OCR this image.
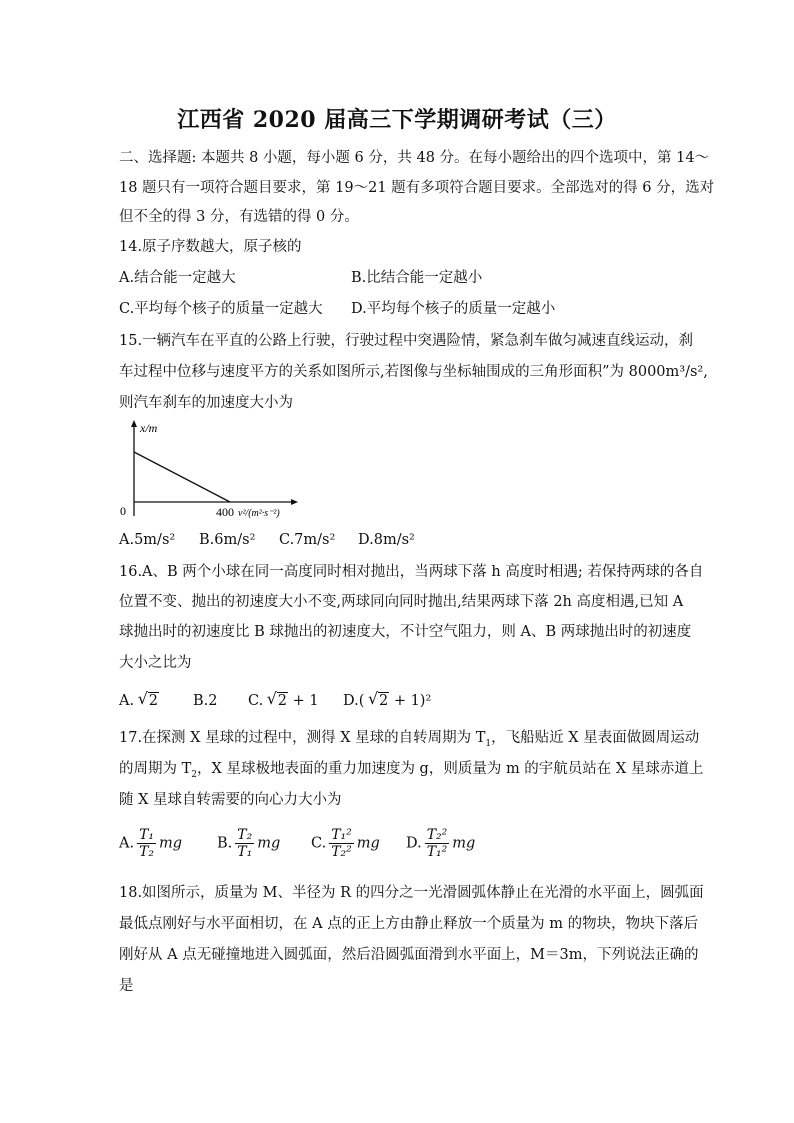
江西省 2020 届高三下学期调研考试（三）
二、选择题: 本题共 8 小题，每小题 6 分，共 48 分。在每小题给出的四个选项中，第 14～
18 题只有一项符合题目要求，第 19～21 题有多项符合题目要求。全部选对的得 6 分，选对
但不全的得 3 分，有选错的得 0 分。
14.原子序数越大，原子核的
A.结合能一定越大	B.比结合能一定越小
C.平均每个核子的质量一定越大 D.平均每个核子的质量一定越小
15.一辆汽车在平直的公路上行驶，行驶过程中突遇险情，紧急刹车做匀减速直线运动，刹
车过程中位移与速度平方的关系如图所示,若图像与坐标轴围成的三角形面积”为 8000m³/s²,
则汽车刹车的加速度大小为
x/m
0	400 v²/(m²·s⁻²)
A.5m/s² B.6m/s² C.7m/s² D.8m/s²
16.A、B 两个小球在同一高度同时相对抛出，当两球下落 h 高度时相遇; 若保持两球的各自
位置不变、抛出的初速度大小不变,两球同向同时抛出,结果两球下落 2h 高度相遇,已知 A
球抛出时的初速度比 B 球抛出的初速度大，不计空气阻力，则 A、B 两球抛出时的初速度
大小之比为
A. √ 2 B.2 C. √ 2 + 1 D.( √ 2 + 1)²
17.在探测 X 星球的过程中，测得 X 星球的自转周期为 $T_1$，飞船贴近 X 星表面做圆周运动
的周期为 $T_2$，X 星球极地表面的重力加速度为 g，则质量为 m 的宇航员站在 X 星球赤道上
随 X 星球自转需要的向心力大小为
A. $\frac{\text{T₁}}{\text{T₂}}$ mg B. $\frac{\text{T₂}}{\text{T₁}}$ mg C. $\frac{\text{T₁²}}{\text{T₂²}}$ mg D. $\frac{\text{T₂²}}{\text{T₁²}}$ mg
18.如图所示，质量为 M、半径为 R 的四分之一光滑圆弧体静止在光滑的水平面上，圆弧面
最低点刚好与水平面相切，在 A 点的正上方由静止释放一个质量为 m 的物块，物块下落后
刚好从 A 点无碰撞地进入圆弧面，然后沿圆弧面滑到水平面上，M＝3m，下列说法正确的
是
